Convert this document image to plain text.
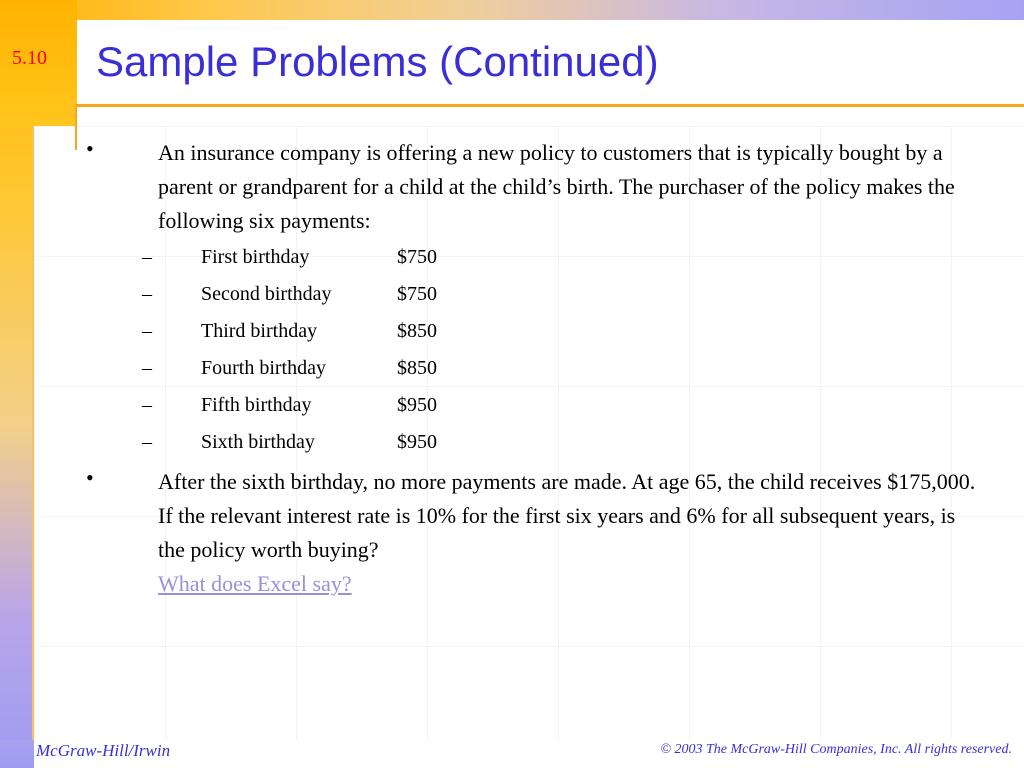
5.10 Sample Problems (Continued)
•	An insurance company is offering a new policy to customers that is typically bought by a parent or grandparent for a child at the child’s birth. The purchaser of the policy makes the following six payments:
– First birthday	$750
– Second birthday	$750
– Third birthday	$850
– Fourth birthday	$850
– Fifth birthday	$950
– Sixth birthday	$950
•	After the sixth birthday, no more payments are made. At age 65, the child receives $175,000. If the relevant interest rate is 10% for the first six years and 6% for all subsequent years, is the policy worth buying?
What does Excel say?
McGraw-Hill/Irwin	© 2003 The McGraw-Hill Companies, Inc. All rights reserved.
